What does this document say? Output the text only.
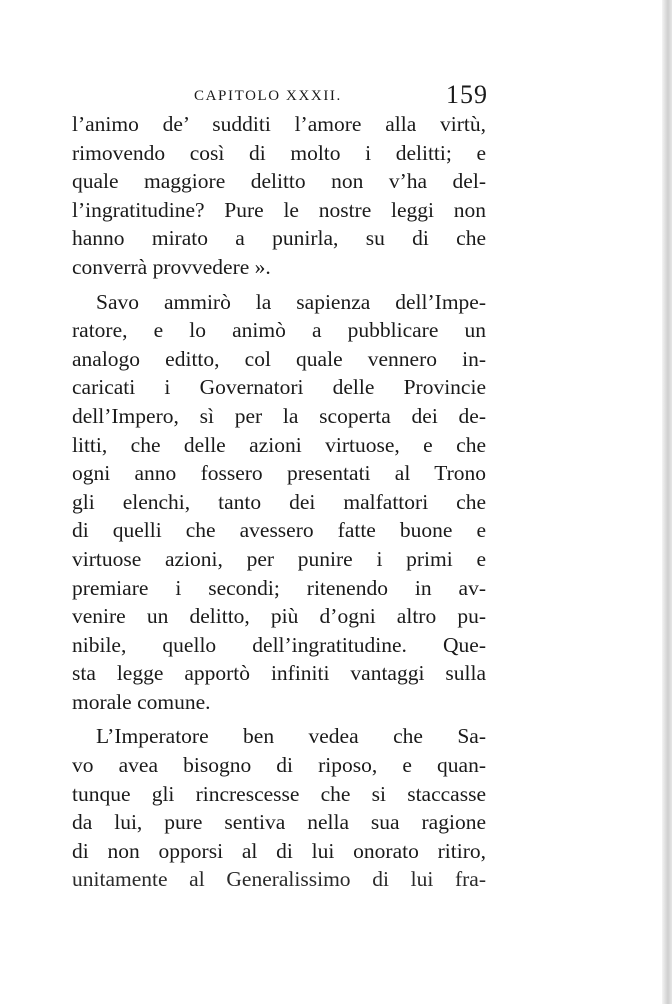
CAPITOLO XXXII.	159
l’animo de’ sudditi l’amore alla virtù,
rimovendo così di molto i delitti; e
quale maggiore delitto non v’ha del-
l’ingratitudine? Pure le nostre leggi non
hanno mirato a punirla, su di che
converrà provvedere ».
Savo ammirò la sapienza dell’Impe-
ratore, e lo animò a pubblicare un
analogo editto, col quale vennero in-
caricati i Governatori delle Provincie
dell’Impero, sì per la scoperta dei de-
litti, che delle azioni virtuose, e che
ogni anno fossero presentati al Trono
gli elenchi, tanto dei malfattori che
di quelli che avessero fatte buone e
virtuose azioni, per punire i primi e
premiare i secondi; ritenendo in av-
venire un delitto, più d’ogni altro pu-
nibile, quello dell’ingratitudine. Que-
sta legge apportò infiniti vantaggi sulla
morale comune.
L’Imperatore ben vedea che Sa-
vo avea bisogno di riposo, e quan-
tunque gli rincrescesse che si staccasse
da lui, pure sentiva nella sua ragione
di non opporsi al di lui onorato ritiro,
unitamente al Generalissimo di lui fra-
